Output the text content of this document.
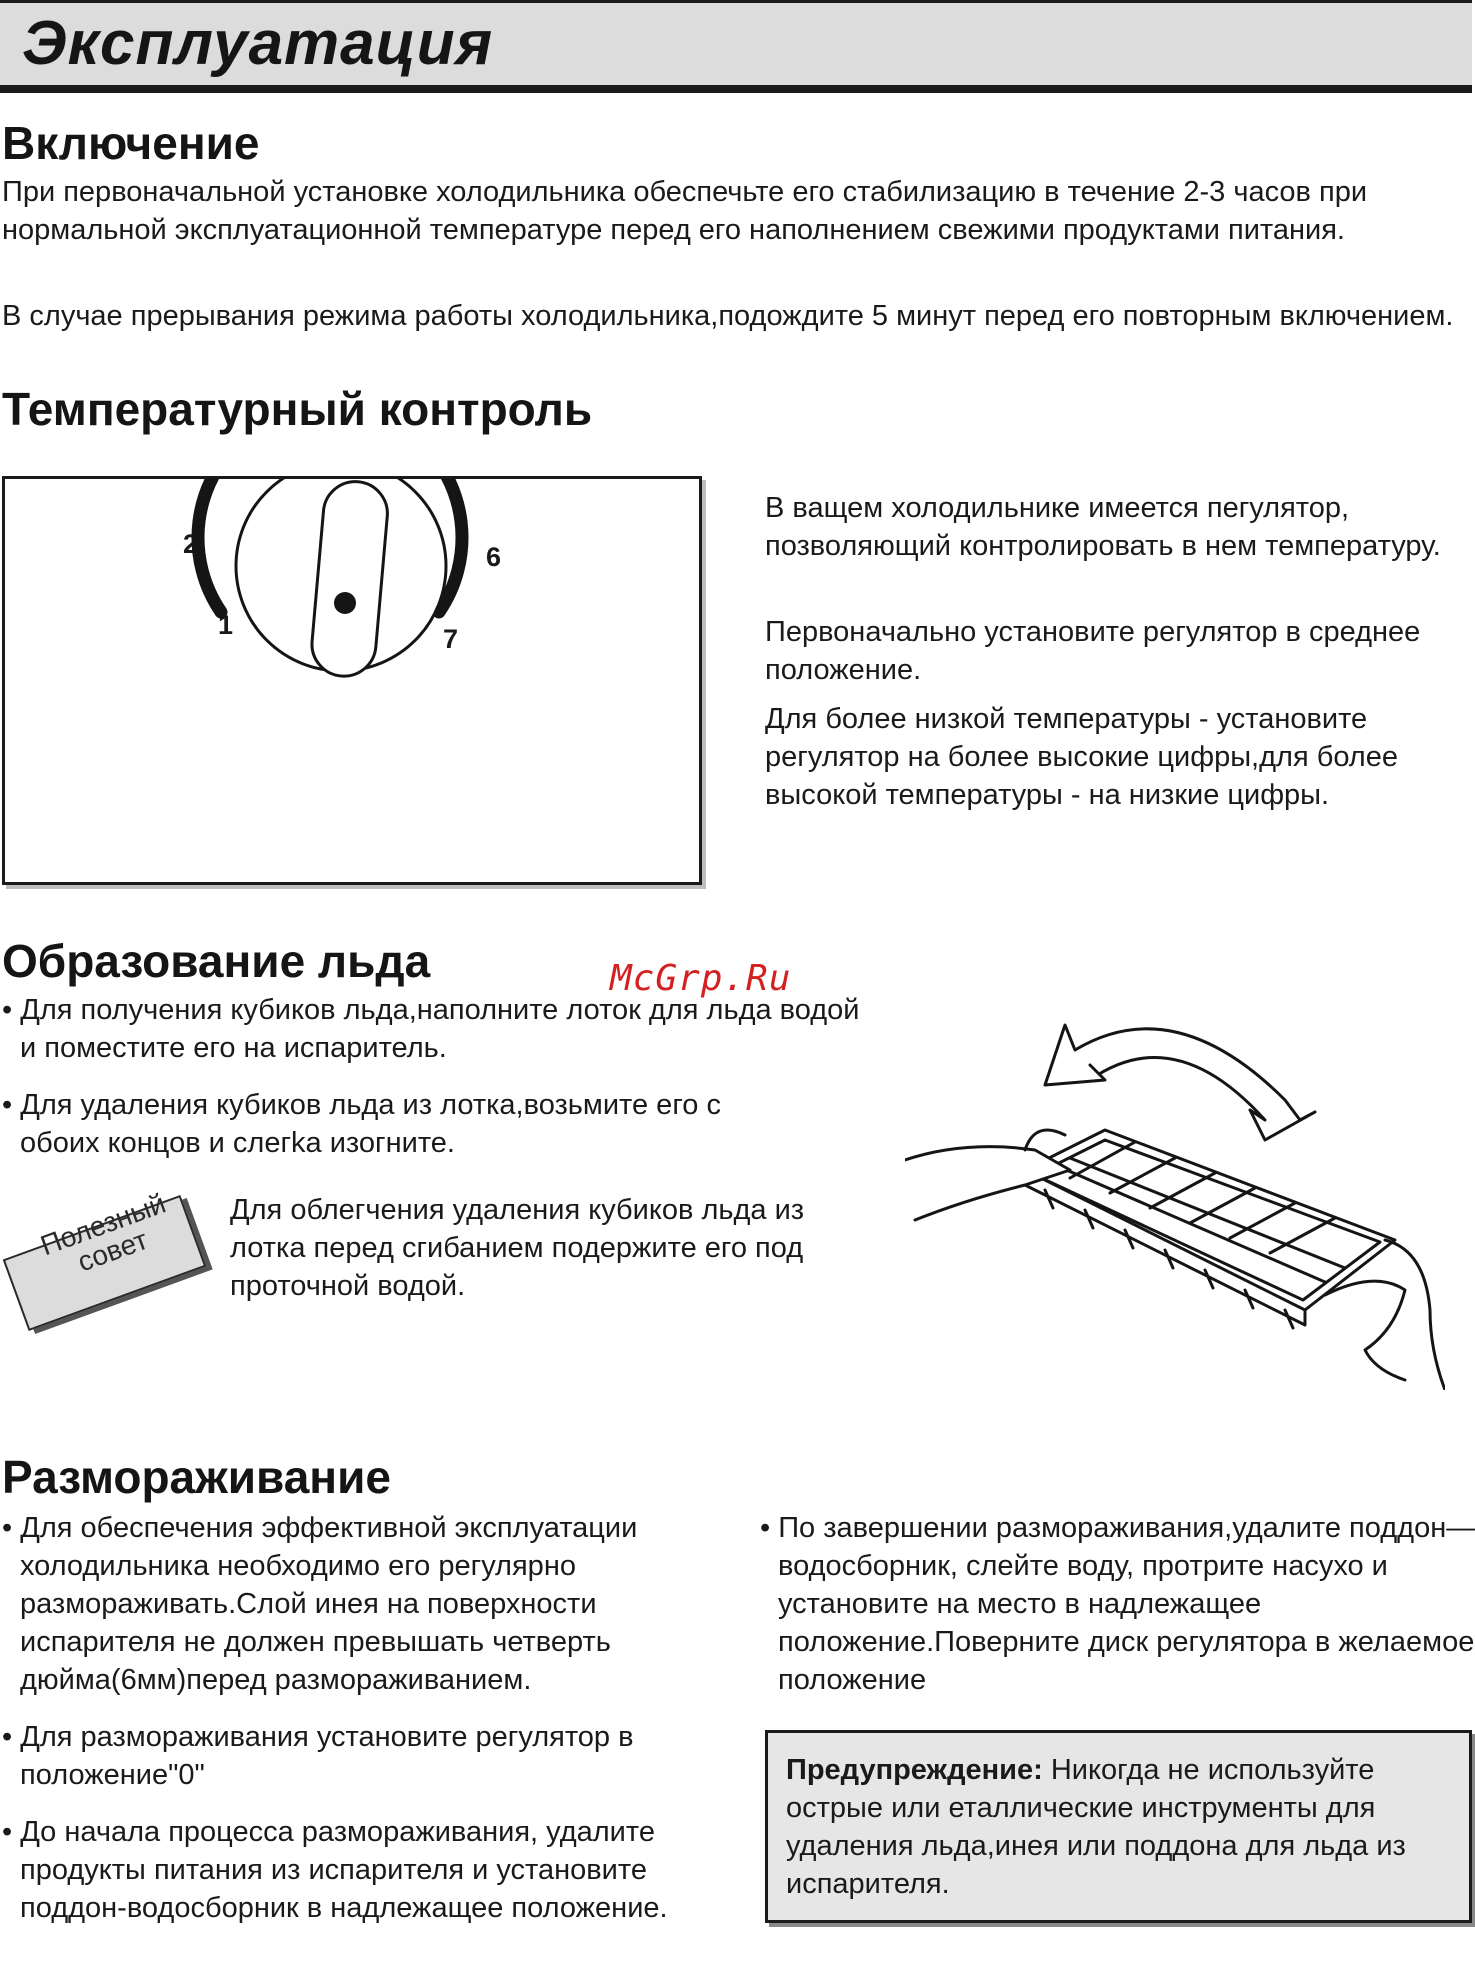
Эксплуатация
Включение

При первоначальной установке холодильника обеспечьте его стабилизацию в течение 2-3 часов при нормальной эксплуатационной температуре перед его наполнением свежими продуктами питания.

В случае прерывания режима работы холодильника,подождите 5 минут перед его повторным включением.

Температурный контроль
1
2	6
7

В ващем холодильнике имеется пегулятор, позволяющий контролировать в нем температуру.

Первоначально установите регулятор в среднее положение.

Для более низкой температуры - установите регулятор на более высокие цифры,для более высокой температуры - на низкие цифры.

Образование льда	McGrp.Ru

• Для получения кубиков льда,наполните лоток для льда водой и поместите его на испаритель.

• Для удаления кубиков льда из лотка,возьмите его с обоих концов и слегka изогните.

Полезный совет

Для облегчения удаления кубиков льда из лотка перед сгибанием подержите его под проточной водой.

Размораживание

• Для обеспечения эффективной эксплуатации холодильника необходимо его регулярно размораживать.Слой инея на поверхности испарителя не должен превышать четверть дюйма(6мм)перед размораживанием.

• Для размораживания установите регулятор в положение"0"

• До начала процесса размораживания, удалите продукты питания из испарителя и установите поддон-водосборник в надлежащее положение.

• По завершении размораживания,удалите поддон—водосборник, слейте воду, протрите насухо и установите на место в надлежащее положение.Поверните диск регулятора в желаемое положение

Предупреждение: Никогда не используйте острые или еталлические инструменты для удаления льда,инея или поддона для льда из испарителя.
